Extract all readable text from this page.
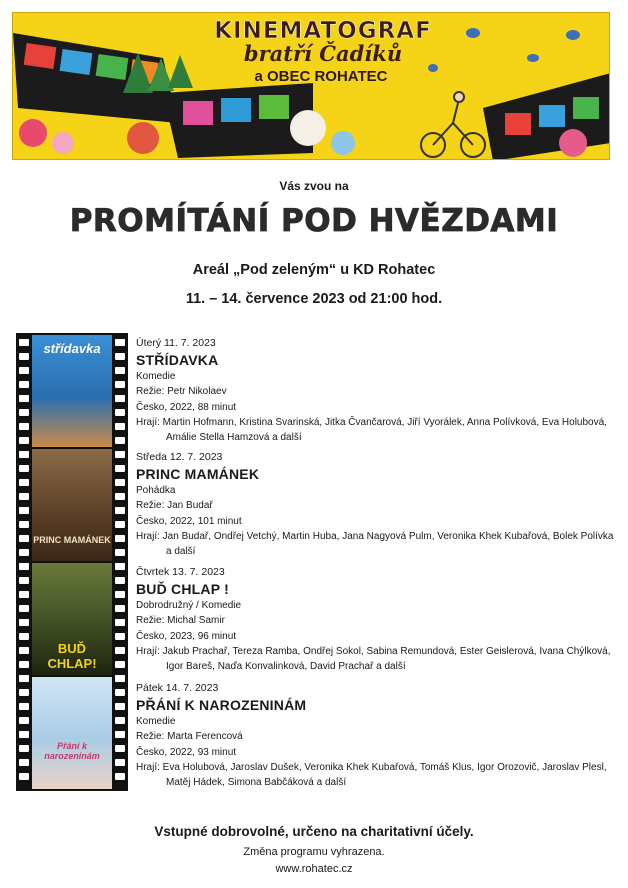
KINEMATOGRAF
bratří Čadíků
a OBEC ROHATEC
Vás zvou na
PROMÍTÁNÍ POD HVĚZDAMI
Areál „Pod zeleným“ u KD Rohatec
11. – 14. července 2023 od 21:00 hod.
střídavka
PRINC MAMÁNEK
BUĎ CHLAP!
Přání k narozeninám
Úterý 11. 7. 2023
STŘÍDAVKA
Komedie
Režie: Petr Nikolaev
Česko, 2022, 88 minut
Hrají: Martin Hofmann, Kristina Svarinská, Jitka Čvančarová, Jiří Vyorálek, Anna Polívková, Eva Holubová, Amálie Stella Hamzová a další
Středa 12. 7. 2023
PRINC MAMÁNEK
Pohádka
Režie: Jan Budař
Česko, 2022, 101 minut
Hrají: Jan Budař, Ondřej Vetchý, Martin Huba, Jana Nagyová Pulm, Veronika Khek Kubařová, Bolek Polívka a další
Čtvrtek 13. 7. 2023
BUĎ CHLAP !
Dobrodružný / Komedie
Režie: Michal Samir
Česko, 2023, 96 minut
Hrají: Jakub Prachař, Tereza Ramba, Ondřej Sokol, Sabina Remundová, Ester Geislerová, Ivana Chýlková, Igor Bareš, Naďa Konvalinková, David Prachař a další
Pátek 14. 7. 2023
PŘÁNÍ K NAROZENINÁM
Komedie
Režie: Marta Ferencová
Česko, 2022, 93 minut
Hrají: Eva Holubová, Jaroslav Dušek, Veronika Khek Kubařová, Tomáš Klus, Igor Orozovič, Jaroslav Plesl, Matěj Hádek, Simona Babčáková a další
Vstupné dobrovolné, určeno na charitativní účely.
Změna programu vyhrazena.
www.rohatec.cz
